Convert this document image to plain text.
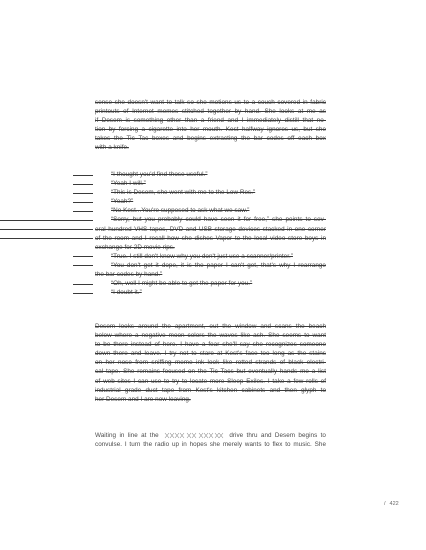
sense she doesn't want to talk so she motions us to a couch covered in fabric
printouts of Internet memes stitched together by hand. She looks at me as
if Desem is something other than a friend and I immediately distill that no-
tion by forcing a cigarette into her mouth. Kest halfway ignores us, but she
takes the Tic Tac boxes and begins extracting the bar codes off each box
with a knife.
“I thought you'd find those useful.”
“Yeah I will.”
“This is Desem, she went with me to the Low Res.”
“Yeah?”
“No Kest...You're supposed to ask what we saw.”
“Sorry, but you probably could have seen it for free,” she points to sev-
eral hundred VHS tapes, DVD and USB storage devices stacked in one corner
of the room and I recall how she dishes Vapor to the local video store boys in
exchange for 2D movie rips.
“True. I still don't know why you don't just use a scanner/printer.”
“You don't get it dope, it is the paper I can't get, that's why I rearrange
the bar codes by hand.”
“Oh, well I might be able to get the paper for you.”
“I doubt it.”
Desem looks around the apartment, out the window and scans the beach
below where a negative moon colors the waves like ash. She seems to want
to be there instead of here. I have a fear she'll say she recognizes someone
down there and leave. I try not to stare at Kest's face too long as the stains
on her nose from sniffing meme ink look like rotted strands of black electri-
cal tape. She remains focused on the Tic Tacs but eventually hands me a list
of web sites I can use to try to locate more Sleep Exiles. I take a few rolls of
industrial grade duct tape from Kest's kitchen cabinets and then glyph to
her Desem and I are now leaving.
Waiting in line at the	drive thru and Desem begins to
convulse. I turn the radio up in hopes she merely wants to flex to music. She
/ 422
